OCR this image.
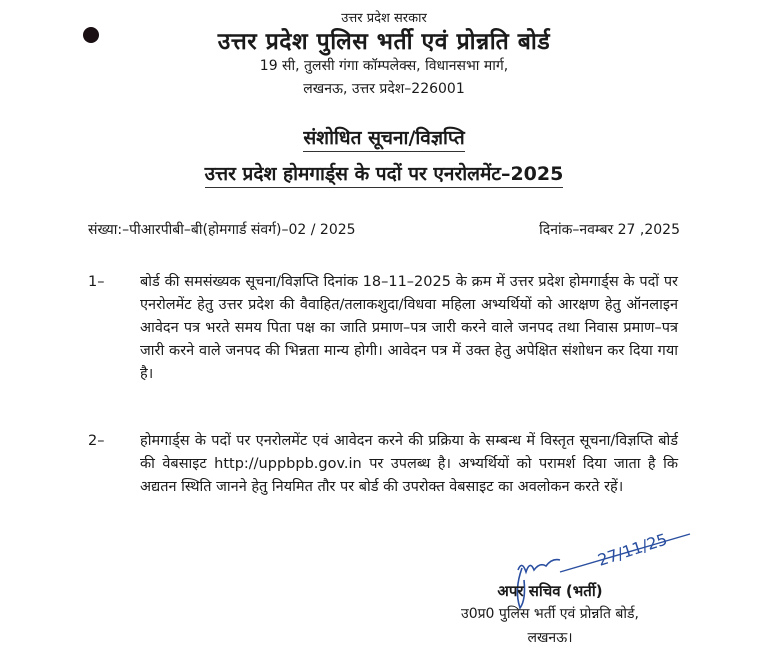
उत्तर प्रदेश सरकार
उत्तर प्रदेश पुलिस भर्ती एवं प्रोन्नति बोर्ड
19 सी, तुलसी गंगा कॉम्पलेक्स, विधानसभा मार्ग,
लखनऊ, उत्तर प्रदेश–226001
संशोधित सूचना/विज्ञप्ति
उत्तर प्रदेश होमगार्ड्स के पदों पर एनरोलमेंट–2025
संख्या:–पीआरपीबी–बी(होमगार्ड संवर्ग)–02 / 2025	दिनांक–नवम्बर 27 ,2025
1– बोर्ड की समसंख्यक सूचना/विज्ञप्ति दिनांक 18–11–2025 के क्रम में उत्तर प्रदेश होमगार्ड्स के पदों पर एनरोलमेंट हेतु उत्तर प्रदेश की वैवाहित/तलाकशुदा/विधवा महिला अभ्यर्थियों को आरक्षण हेतु ऑनलाइन आवेदन पत्र भरते समय पिता पक्ष का जाति प्रमाण–पत्र जारी करने वाले जनपद तथा निवास प्रमाण–पत्र जारी करने वाले जनपद की भिन्नता मान्य होगी। आवेदन पत्र में उक्त हेतु अपेक्षित संशोधन कर दिया गया है।
2– होमगार्ड्स के पदों पर एनरोलमेंट एवं आवेदन करने की प्रक्रिया के सम्बन्ध में विस्तृत सूचना/विज्ञप्ति बोर्ड की वेबसाइट http://uppbpb.gov.in पर उपलब्ध है। अभ्यर्थियों को परामर्श दिया जाता है कि अद्यतन स्थिति जानने हेतु नियमित तौर पर बोर्ड की उपरोक्त वेबसाइट का अवलोकन करते रहें।
27/11/25
अपर सचिव (भर्ती)
उ0प्र0 पुलिस भर्ती एवं प्रोन्नति बोर्ड,
लखनऊ।
